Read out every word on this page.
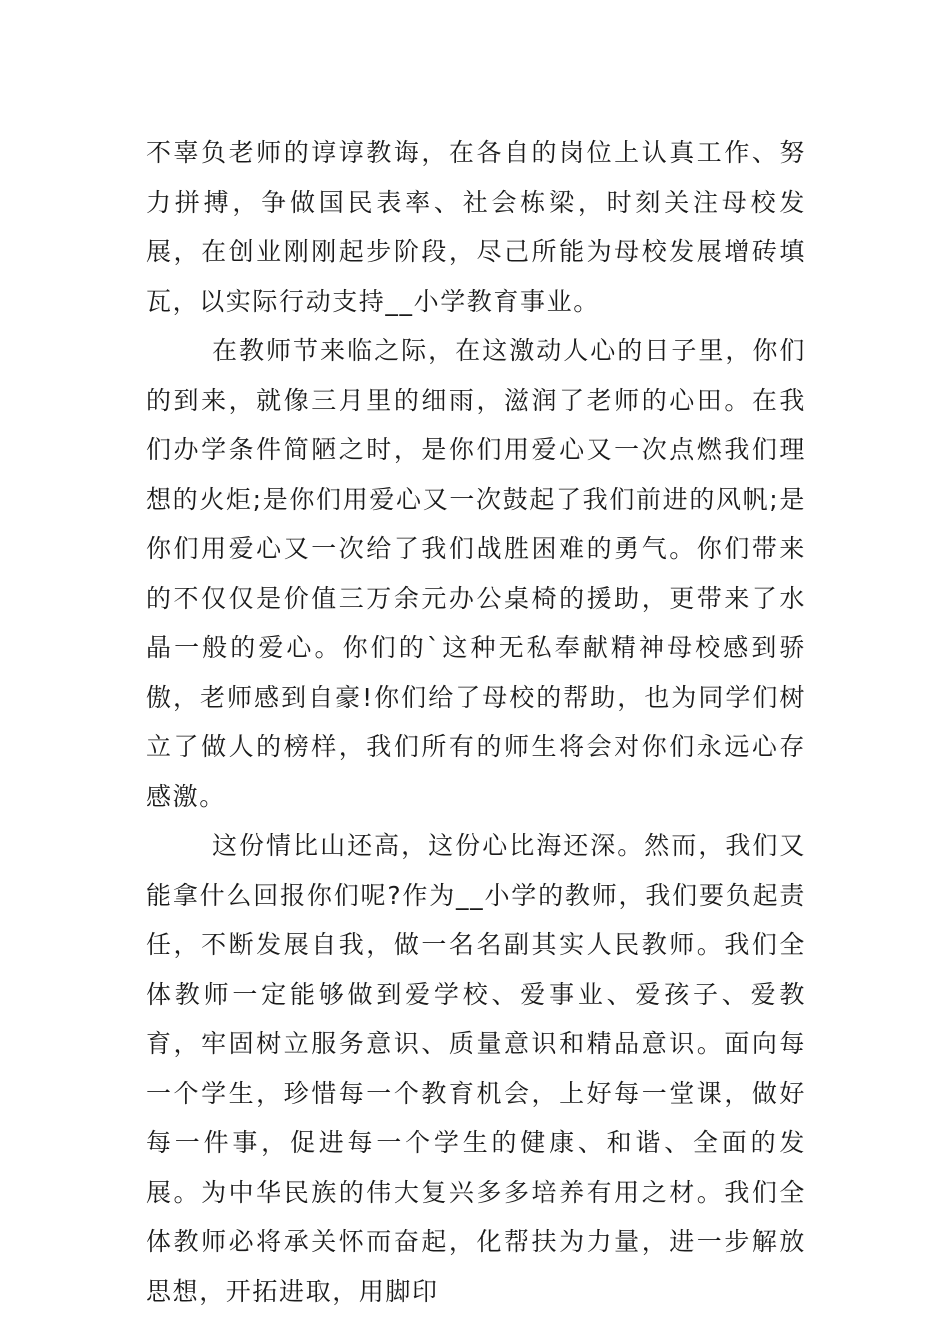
不辜负老师的谆谆教诲，在各自的岗位上认真工作、努力拼搏，争做国民表率、社会栋梁，时刻关注母校发展，在创业刚刚起步阶段，尽己所能为母校发展增砖填瓦，以实际行动支持__小学教育事业。

在教师节来临之际，在这激动人心的日子里，你们的到来，就像三月里的细雨，滋润了老师的心田。在我们办学条件简陋之时，是你们用爱心又一次点燃我们理想的火炬;是你们用爱心又一次鼓起了我们前进的风帆;是你们用爱心又一次给了我们战胜困难的勇气。你们带来的不仅仅是价值三万余元办公桌椅的援助，更带来了水晶一般的爱心。你们的`这种无私奉献精神母校感到骄傲，老师感到自豪!你们给了母校的帮助，也为同学们树立了做人的榜样，我们所有的师生将会对你们永远心存感激。

这份情比山还高，这份心比海还深。然而，我们又能拿什么回报你们呢?作为__小学的教师，我们要负起责任，不断发展自我，做一名名副其实人民教师。我们全体教师一定能够做到爱学校、爱事业、爱孩子、爱教育，牢固树立服务意识、质量意识和精品意识。面向每一个学生，珍惜每一个教育机会，上好每一堂课，做好每一件事，促进每一个学生的健康、和谐、全面的发展。为中华民族的伟大复兴多多培养有用之材。我们全体教师必将承关怀而奋起，化帮扶为力量，进一步解放思想，开拓进取，用脚印
